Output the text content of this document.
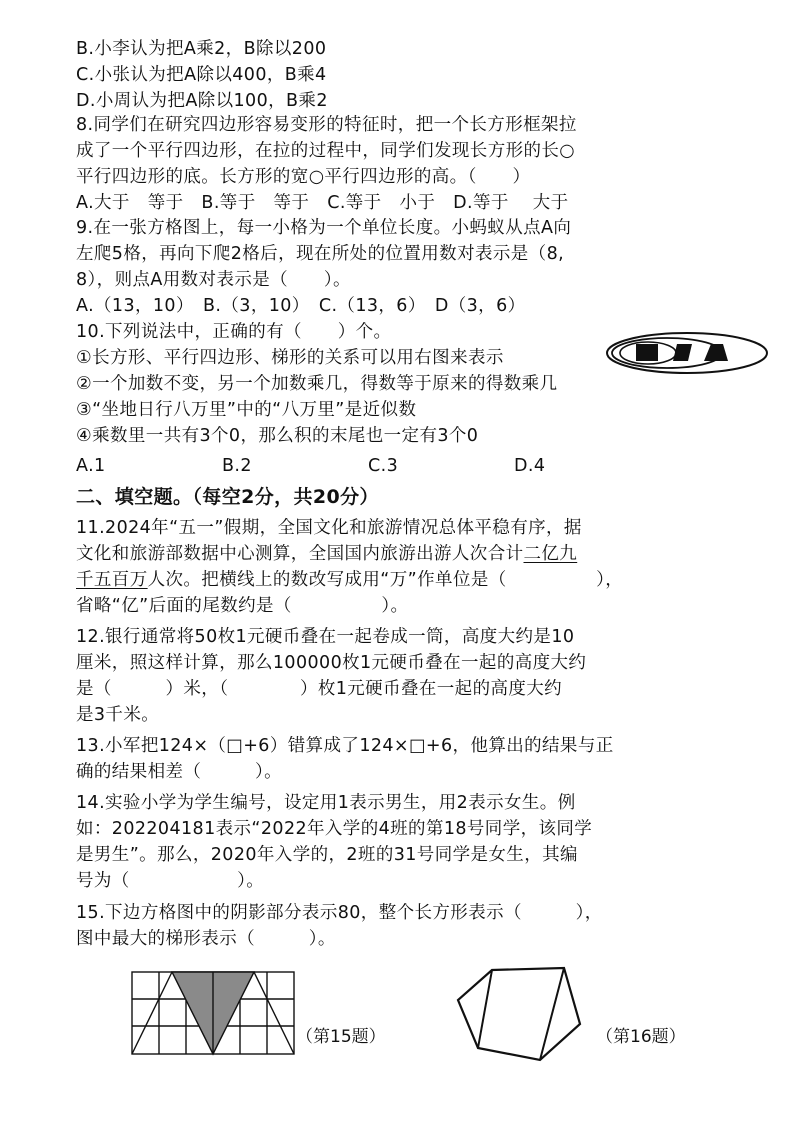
B.小李认为把A乘2，B除以200
C.小张认为把A除以400，B乘4
D.小周认为把A除以100，B乘2
8.同学们在研究四边形容易变形的特征时，把一个长方形框架拉
成了一个平行四边形，在拉的过程中，同学们发现长方形的长○
平行四边形的底。长方形的宽○平行四边形的高。（　　）
A.大于　等于　B.等于　等于　C.等于　小于　D.等于　 大于
9.在一张方格图上，每一小格为一个单位长度。小蚂蚁从点A向
左爬5格，再向下爬2格后，现在所处的位置用数对表示是（8,
8），则点A用数对表示是（　　）。
A.（13，10）　B.（3，10）　C.（13，6）　D（3，6）
10.下列说法中，正确的有（　　）个。
①长方形、平行四边形、梯形的关系可以用右图来表示
②一个加数不变，另一个加数乘几，得数等于原来的得数乘几
③“坐地日行八万里”中的“八万里”是近似数
④乘数里一共有3个0，那么积的末尾也一定有3个0
A.1	B.2	C.3	D.4
二、填空题。（每空2分，共20分）
11.2024年“五一”假期，全国文化和旅游情况总体平稳有序，据
文化和旅游部数据中心测算，全国国内旅游出游人次合计二亿九
千五百万人次。把横线上的数改写成用“万”作单位是（　　　　　），
省略“亿”后面的尾数约是（　　　　　）。
12.银行通常将50枚1元硬币叠在一起卷成一筒，高度大约是10
厘米，照这样计算，那么100000枚1元硬币叠在一起的高度大约
是（　　　）米，（　　　　）枚1元硬币叠在一起的高度大约
是3千米。
13.小军把124×（□+6）错算成了124×□+6，他算出的结果与正
确的结果相差（　　　）。
14.实验小学为学生编号，设定用1表示男生，用2表示女生。例
如：202204181表示“2022年入学的4班的第18号同学，该同学
是男生”。那么，2020年入学的，2班的31号同学是女生，其编
号为（　　　　　　）。
15.下边方格图中的阴影部分表示80，整个长方形表示（　　　），
图中最大的梯形表示（　　　）。
（第15题）	（第16题）
